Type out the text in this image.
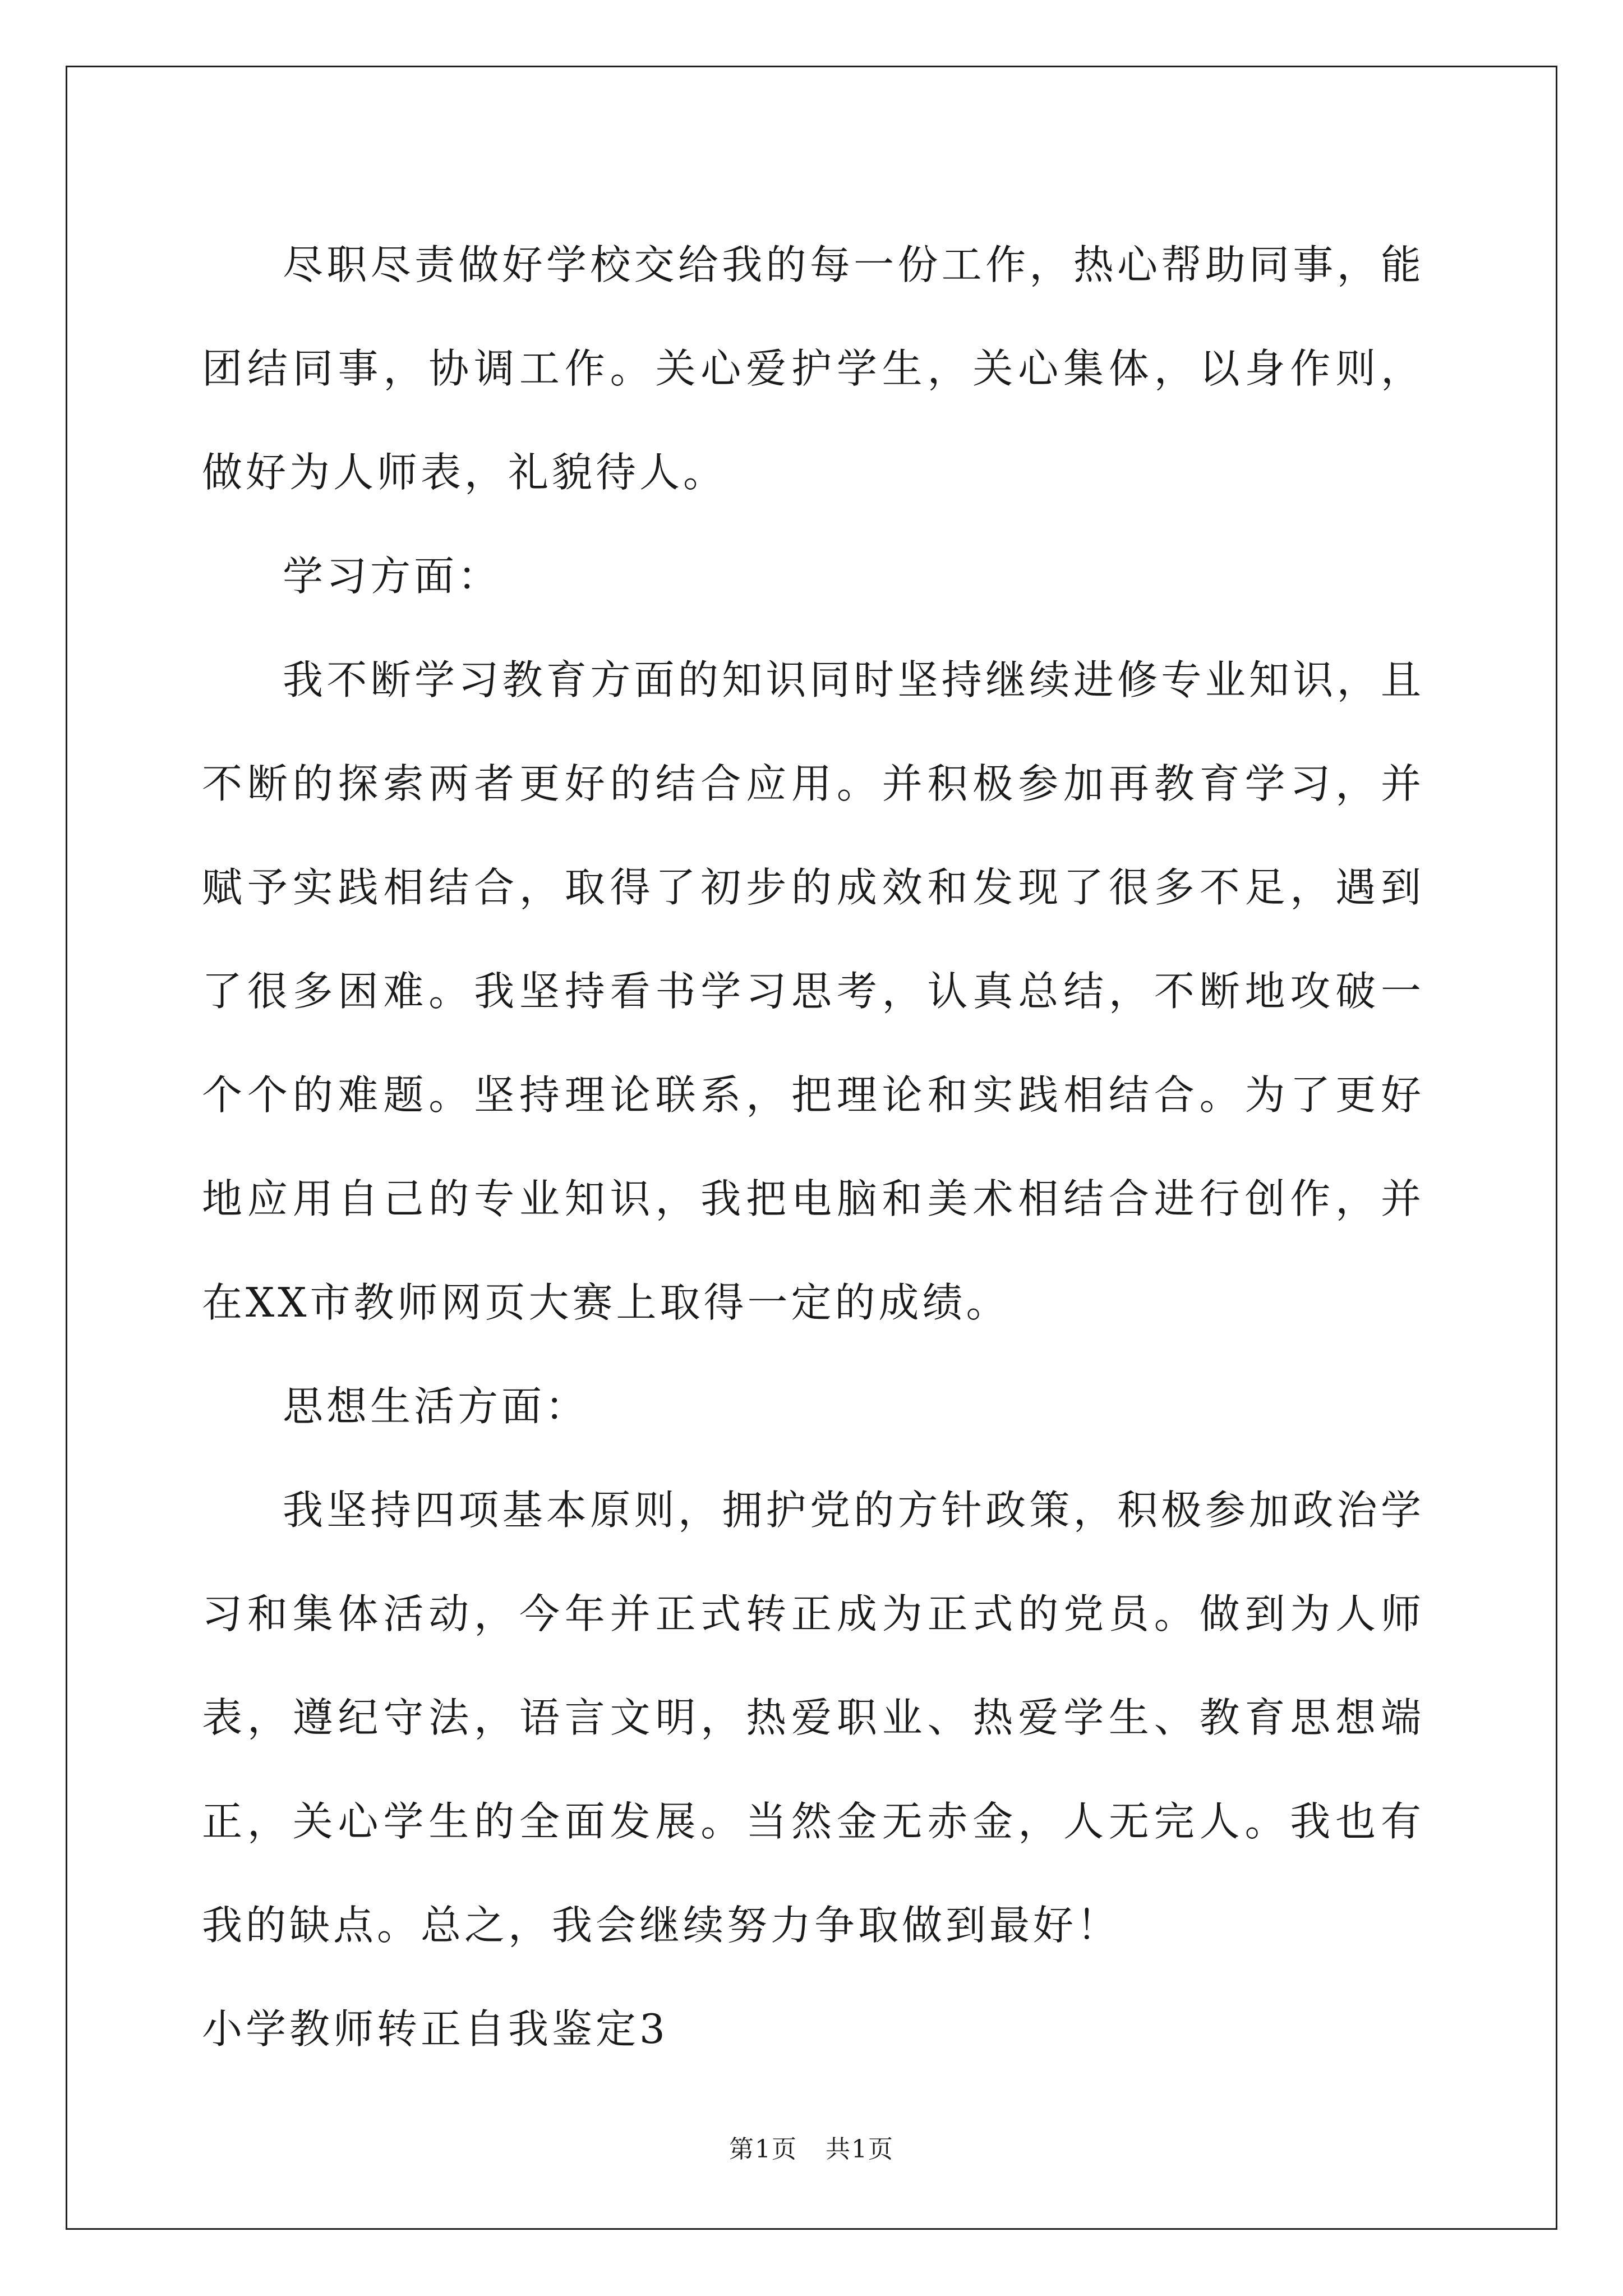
尽职尽责做好学校交给我的每一份工作，热心帮助同事，能团结同事，协调工作。关心爱护学生，关心集体，以身作则，做好为人师表，礼貌待人。

学习方面：

我不断学习教育方面的知识同时坚持继续进修专业知识，且不断的探索两者更好的结合应用。并积极参加再教育学习，并赋予实践相结合，取得了初步的成效和发现了很多不足，遇到了很多困难。我坚持看书学习思考，认真总结，不断地攻破一个个的难题。坚持理论联系，把理论和实践相结合。为了更好地应用自己的专业知识，我把电脑和美术相结合进行创作，并在XX市教师网页大赛上取得一定的成绩。

思想生活方面：

我坚持四项基本原则，拥护党的方针政策，积极参加政治学习和集体活动，今年并正式转正成为正式的党员。做到为人师表，遵纪守法，语言文明，热爱职业、热爱学生、教育思想端正，关心学生的全面发展。当然金无赤金，人无完人。我也有我的缺点。总之，我会继续努力争取做到最好！

小学教师转正自我鉴定3

第1页 共1页
